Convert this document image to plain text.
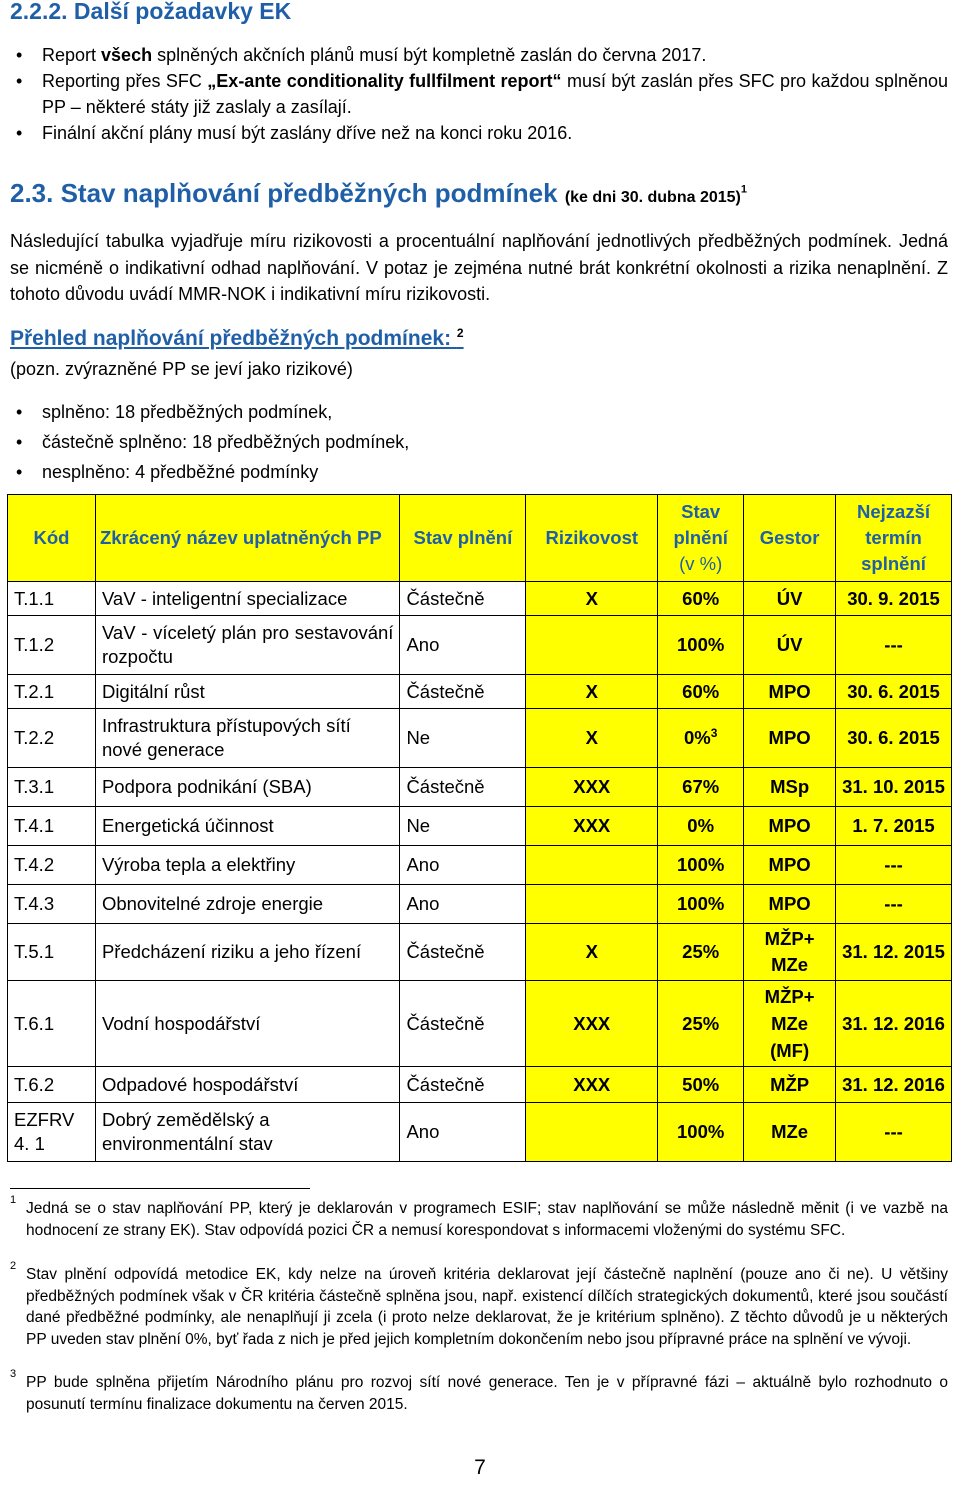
2.2.2. Další požadavky EK
• Report všech splněných akčních plánů musí být kompletně zaslán do června 2017.
• Reporting přes SFC „Ex-ante conditionality fullfilment report“ musí být zaslán přes SFC pro každou splněnou PP – některé státy již zaslaly a zasílají.
• Finální akční plány musí být zaslány dříve než na konci roku 2016.
2.3. Stav naplňování předběžných podmínek (ke dni 30. dubna 2015)$^1$

Následující tabulka vyjadřuje míru rizikovosti a procentuální naplňování jednotlivých předběžných podmínek. Jedná se nicméně o indikativní odhad naplňování. V potaz je zejména nutné brát konkrétní okolnosti a rizika nenaplnění. Z tohoto důvodu uvádí MMR-NOK i indikativní míru rizikovosti.

Přehled naplňování předběžných podmínek: $^2$
(pozn. zvýrazněné PP se jeví jako rizikové)
• splněno: 18 předběžných podmínek,
• částečně splněno: 18 předběžných podmínek,
• nesplněno: 4 předběžné podmínky
Kód	Zkrácený název uplatněných PP	Stav plnění	Rizikovost	Stav
plnění
(v %)	Gestor	Nejzazší
termín
splnění
T.1.1	VaV - inteligentní specializace	Částečně	X	60%	ÚV	30. 9. 2015
T.1.2	VaV - víceletý plán pro sestavování rozpočtu	Ano		100%	ÚV	---
T.2.1	Digitální růst	Částečně	X	60%	MPO	30. 6. 2015
T.2.2	Infrastruktura přístupových sítí nové generace	Ne	X	0%$^3$	MPO	30. 6. 2015
T.3.1	Podpora podnikání (SBA)	Částečně	XXX	67%	MSp	31. 10. 2015
T.4.1	Energetická účinnost	Ne	XXX	0%	MPO	1. 7. 2015
T.4.2	Výroba tepla a elektřiny	Ano		100%	MPO	---
T.4.3	Obnovitelné zdroje energie	Ano		100%	MPO	---
T.5.1	Předcházení riziku a jeho řízení	Částečně	X	25%	MŽP+ MZe	31. 12. 2015
T.6.1	Vodní hospodářství	Částečně	XXX	25%	MŽP+ MZe (MF)	31. 12. 2016
T.6.2	Odpadové hospodářství	Částečně	XXX	50%	MŽP	31. 12. 2016
EZFRV 4. 1	Dobrý zemědělský a environmentální stav	Ano		100%	MZe	---

1 Jedná se o stav naplňování PP, který je deklarován v programech ESIF; stav naplňování se může následně měnit (i ve vazbě na hodnocení ze strany EK). Stav odpovídá pozici ČR a nemusí korespondovat s informacemi vloženými do systému SFC.

2 Stav plnění odpovídá metodice EK, kdy nelze na úroveň kritéria deklarovat její částečně naplnění (pouze ano či ne). U většiny předběžných podmínek však v ČR kritéria částečně splněna jsou, např. existencí dílčích strategických dokumentů, které jsou součástí dané předběžné podmínky, ale nenaplňují ji zcela (i proto nelze deklarovat, že je kritérium splněno). Z těchto důvodů je u některých PP uveden stav plnění 0%, byť řada z nich je před jejich kompletním dokončením nebo jsou přípravné práce na splnění ve vývoji.

3 PP bude splněna přijetím Národního plánu pro rozvoj sítí nové generace. Ten je v přípravné fázi – aktuálně bylo rozhodnuto o posunutí termínu finalizace dokumentu na červen 2015.

7
